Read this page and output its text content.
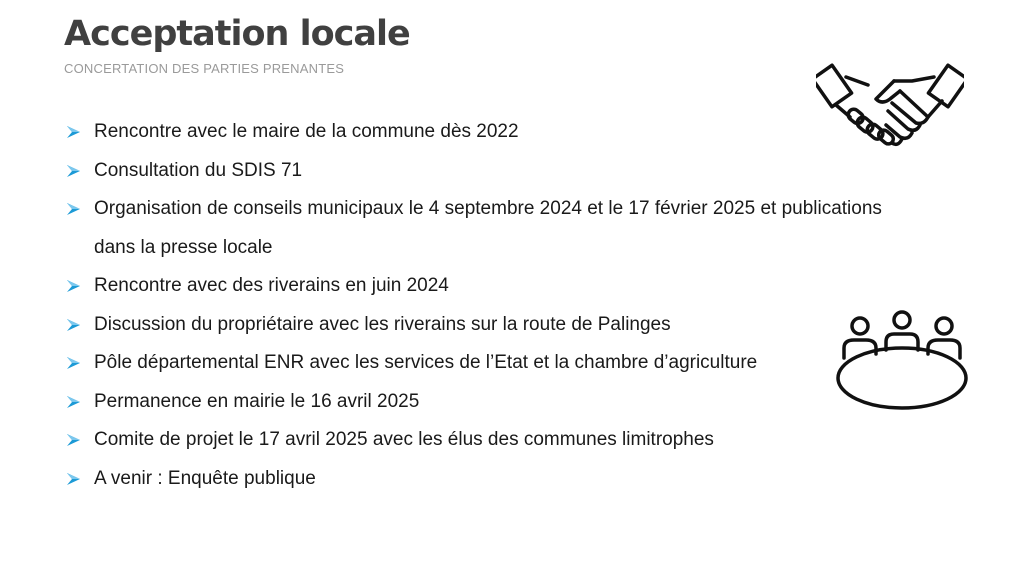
Acceptation locale
CONCERTATION DES PARTIES PRENANTES
Rencontre avec le maire de la commune dès 2022
Consultation du SDIS 71
Organisation de conseils municipaux le 4 septembre 2024 et le 17 février 2025 et publications dans la presse locale
Rencontre avec des riverains en juin 2024
Discussion du propriétaire avec les riverains sur la route de Palinges
Pôle départemental ENR avec les services de l’Etat et la chambre d’agriculture
Permanence en mairie le 16 avril 2025
Comite de projet le 17 avril 2025 avec les élus des communes limitrophes
A venir : Enquête publique
